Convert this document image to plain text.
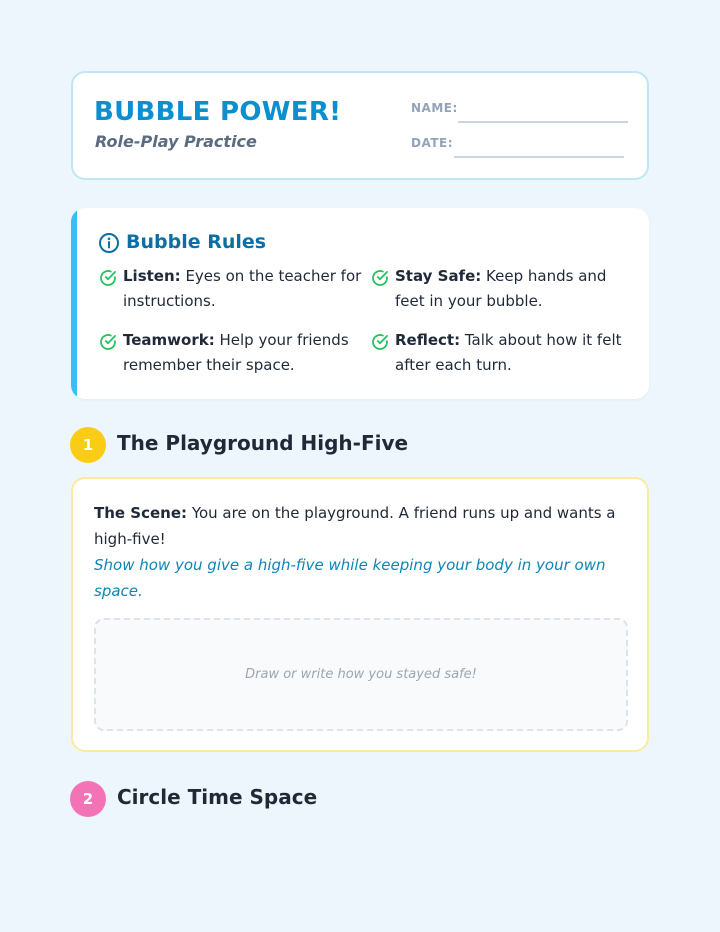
BUBBLE POWER!
Role-Play Practice
NAME:
DATE:
Bubble Rules
Listen: Eyes on the teacher for instructions.
Stay Safe: Keep hands and feet in your bubble.
Teamwork: Help your friends remember their space.
Reflect: Talk about how it felt after each turn.
1	The Playground High-Five
The Scene: You are on the playground. A friend runs up and wants a high-five!
Show how you give a high-five while keeping your body in your own space.
Draw or write how you stayed safe!
2	Circle Time Space
